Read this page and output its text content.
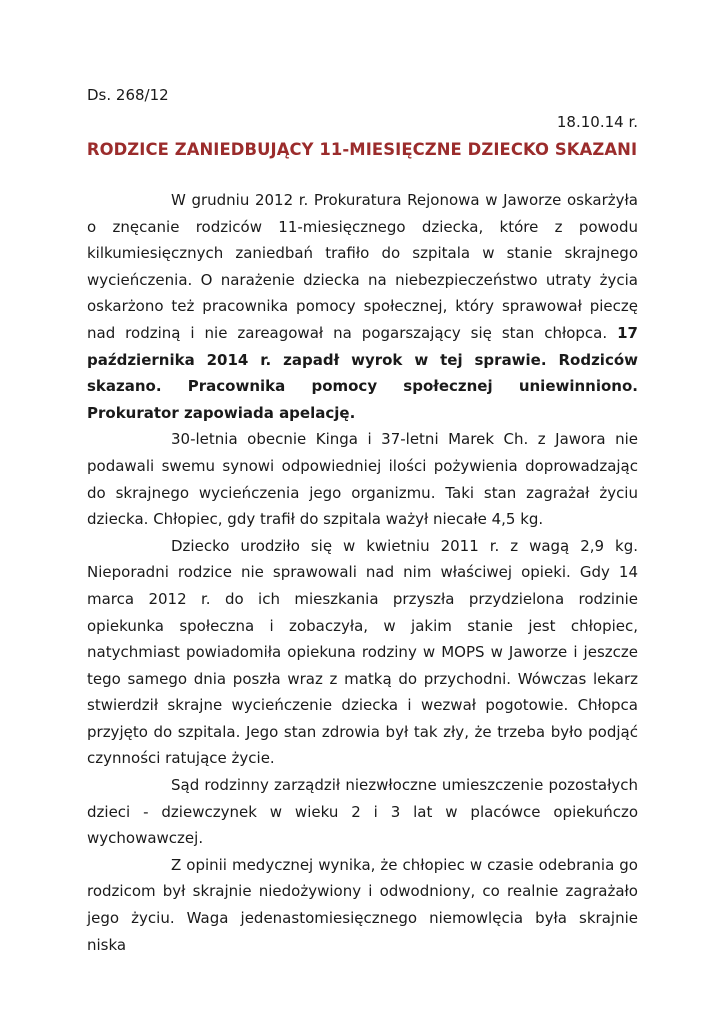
Ds. 268/12
18.10.14 r.
RODZICE ZANIEDBUJĄCY 11-MIESIĘCZNE DZIECKO SKAZANI

W grudniu 2012 r. Prokuratura Rejonowa w Jaworze oskarżyła o znęcanie rodziców 11-miesięcznego dziecka, które z powodu kilkumiesięcznych zaniedbań trafiło do szpitala w stanie skrajnego wycieńczenia. O narażenie dziecka na niebezpieczeństwo utraty życia oskarżono też pracownika pomocy społecznej, który sprawował pieczę nad rodziną i nie zareagował na pogarszający się stan chłopca. 17 października 2014 r. zapadł wyrok w tej sprawie. Rodziców skazano. Pracownika pomocy społecznej uniewinniono. Prokurator zapowiada apelację.

30-letnia obecnie Kinga i 37-letni Marek Ch. z Jawora nie podawali swemu synowi odpowiedniej ilości pożywienia doprowadzając do skrajnego wycieńczenia jego organizmu. Taki stan zagrażał życiu dziecka. Chłopiec, gdy trafił do szpitala ważył niecałe 4,5 kg.

Dziecko urodziło się w kwietniu 2011 r. z wagą 2,9 kg. Nieporadni rodzice nie sprawowali nad nim właściwej opieki. Gdy 14 marca 2012 r. do ich mieszkania przyszła przydzielona rodzinie opiekunka społeczna i zobaczyła, w jakim stanie jest chłopiec, natychmiast powiadomiła opiekuna rodziny w MOPS w Jaworze i jeszcze tego samego dnia poszła wraz z matką do przychodni. Wówczas lekarz stwierdził skrajne wycieńczenie dziecka i wezwał pogotowie. Chłopca przyjęto do szpitala. Jego stan zdrowia był tak zły, że trzeba było podjąć czynności ratujące życie.

Sąd rodzinny zarządził niezwłoczne umieszczenie pozostałych dzieci - dziewczynek w wieku 2 i 3 lat w placówce opiekuńczo wychowawczej.

Z opinii medycznej wynika, że chłopiec w czasie odebrania go rodzicom był skrajnie niedożywiony i odwodniony, co realnie zagrażało jego życiu. Waga jedenastomiesięcznego niemowlęcia była skrajnie niska
